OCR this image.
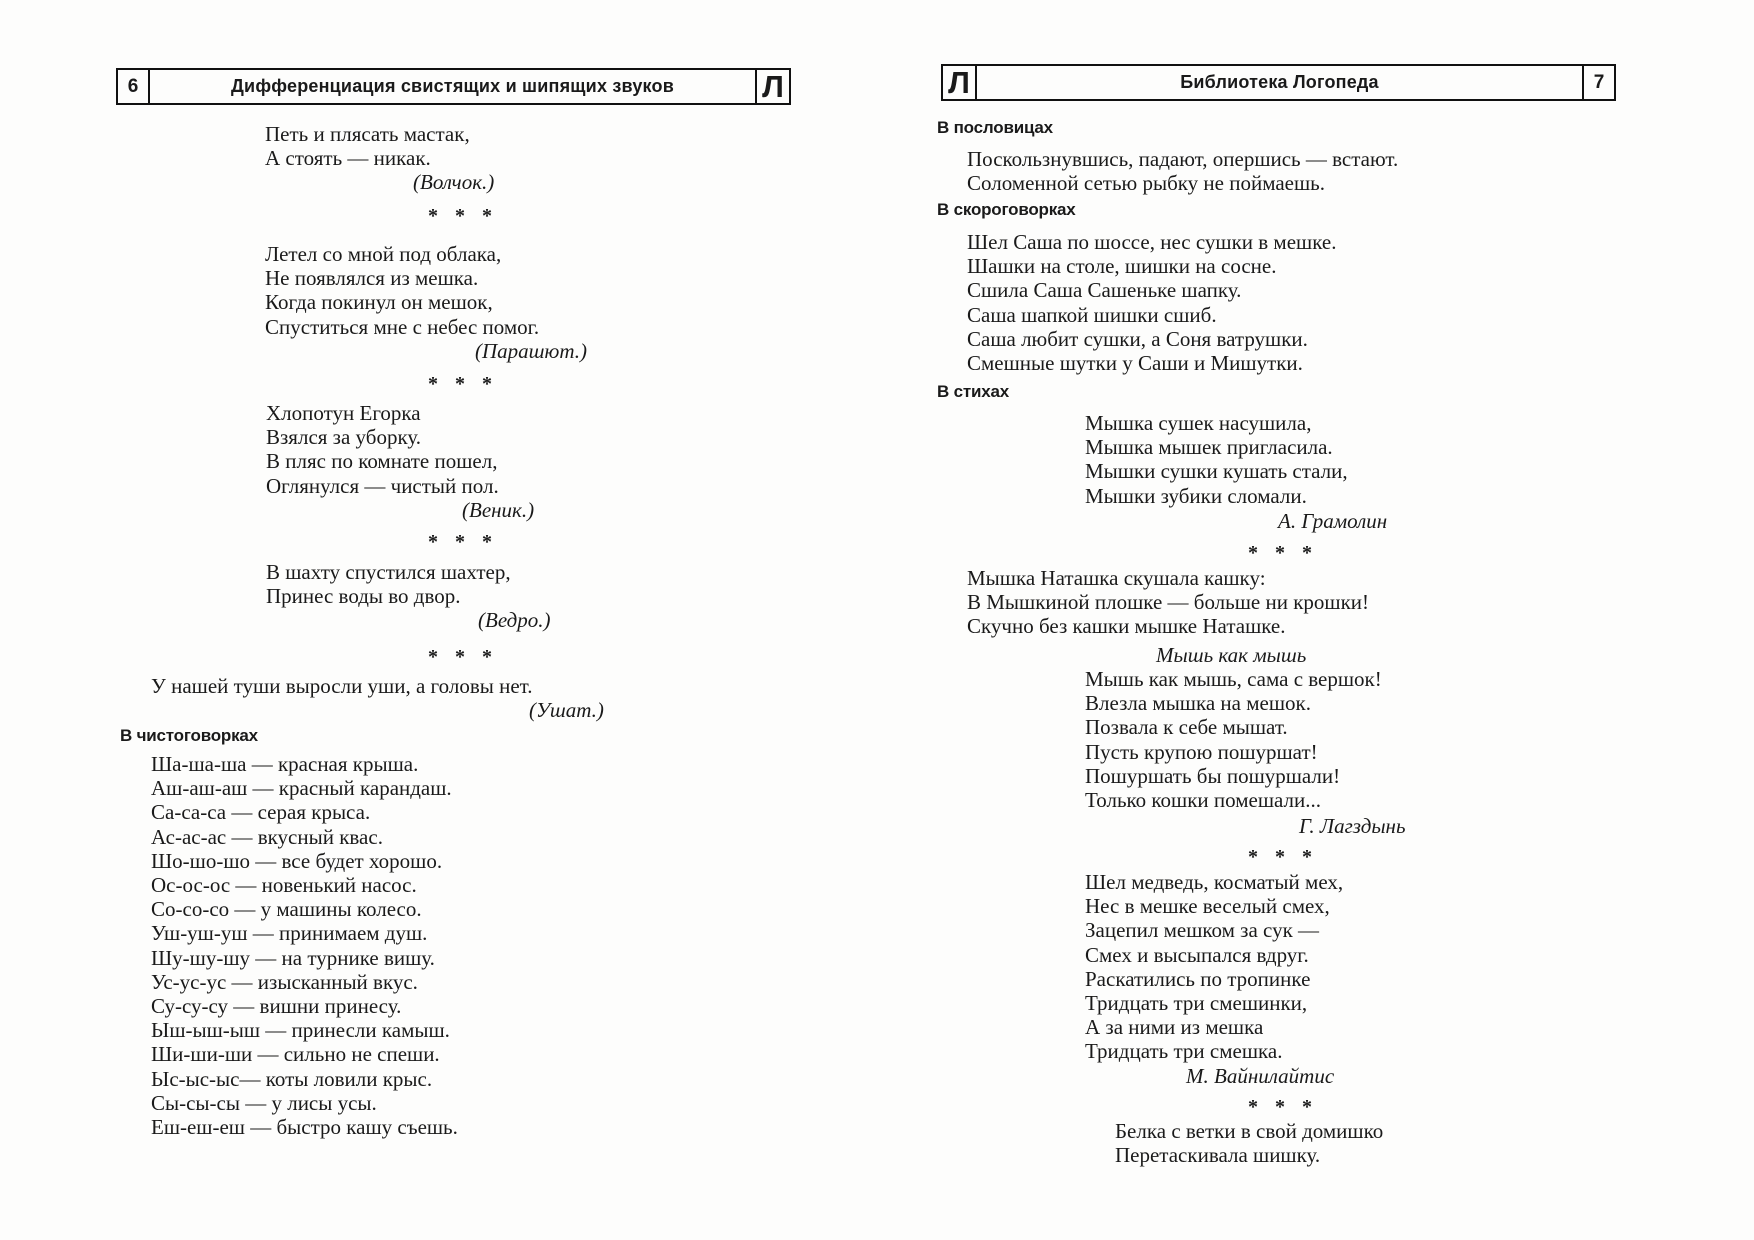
6	Дифференциация свистящих и шипящих звуков	Л
Петь и плясать мастак,
А стоять — никак.
(Волчок.)
* * *
Летел со мной под облака,
Не появлялся из мешка.
Когда покинул он мешок,
Спуститься мне с небес помог.
(Парашют.)
* * *
Хлопотун Егорка
Взялся за уборку.
В пляс по комнате пошел,
Оглянулся — чистый пол.
(Веник.)
* * *
В шахту спустился шахтер,
Принес воды во двор.
(Ведро.)
* * *
У нашей туши выросли уши, а головы нет.
(Ушат.)
В чистоговорках
Ша-ша-ша — красная крыша.
Аш-аш-аш — красный карандаш.
Са-са-са — серая крыса.
Ас-ас-ас — вкусный квас.
Шо-шо-шо — все будет хорошо.
Ос-ос-ос — новенький насос.
Со-со-со — у машины колесо.
Уш-уш-уш — принимаем душ.
Шу-шу-шу — на турнике вишу.
Ус-ус-ус — изысканный вкус.
Су-су-су — вишни принесу.
Ыш-ыш-ыш — принесли камыш.
Ши-ши-ши — сильно не спеши.
Ыс-ыс-ыс— коты ловили крыс.
Сы-сы-сы — у лисы усы.
Еш-еш-еш — быстро кашу съешь.
Л	Библиотека Логопеда	7
В пословицах
Поскользнувшись, падают, опершись — встают.
Соломенной сетью рыбку не поймаешь.
В скороговорках
Шел Саша по шоссе, нес сушки в мешке.
Шашки на столе, шишки на сосне.
Сшила Саша Сашеньке шапку.
Саша шапкой шишки сшиб.
Саша любит сушки, а Соня ватрушки.
Смешные шутки у Саши и Мишутки.
В стихах
Мышка сушек насушила,
Мышка мышек пригласила.
Мышки сушки кушать стали,
Мышки зубики сломали.
А. Грамолин
* * *
Мышка Наташка скушала кашку:
В Мышкиной плошке — больше ни крошки!
Скучно без кашки мышке Наташке.
Мышь как мышь
Мышь как мышь, сама с вершок!
Влезла мышка на мешок.
Позвала к себе мышат.
Пусть крупою пошуршат!
Пошуршать бы пошуршали!
Только кошки помешали...
Г. Лагздынь
* * *
Шел медведь, косматый мех,
Нес в мешке веселый смех,
Зацепил мешком за сук —
Смех и высыпался вдруг.
Раскатились по тропинке
Тридцать три смешинки,
А за ними из мешка
Тридцать три смешка.
М. Вайнилайтис
* * *
Белка с ветки в свой домишко
Перетаскивала шишку.
